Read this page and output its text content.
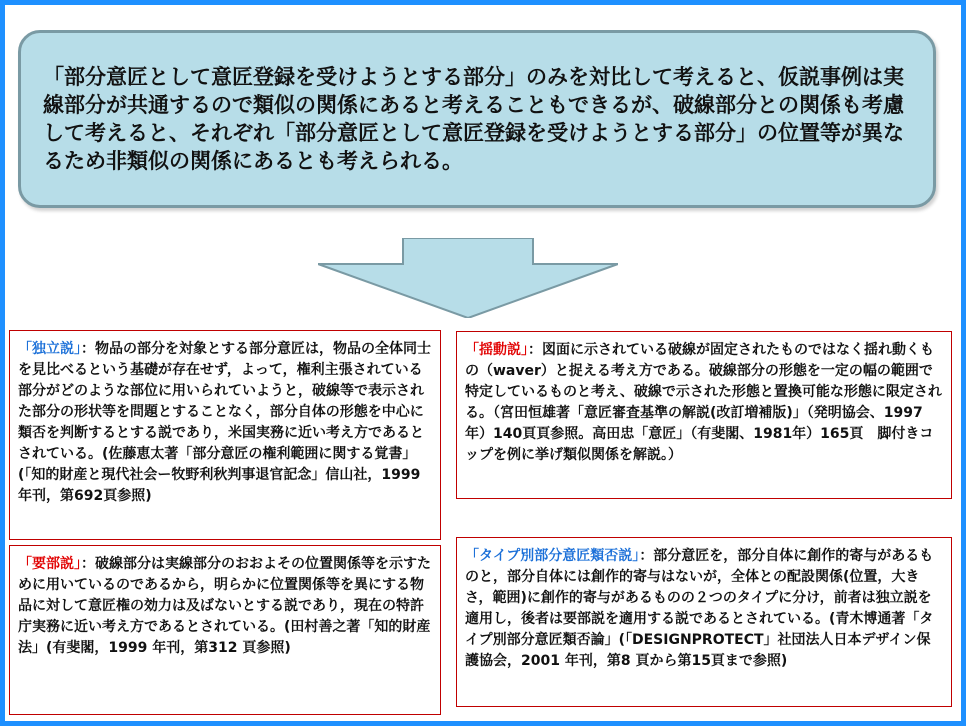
「部分意匠として意匠登録を受けようとする部分」のみを対比して考えると、仮説事例は実線部分が共通するので類似の関係にあると考えることもできるが、破線部分との関係も考慮して考えると、それぞれ「部分意匠として意匠登録を受けようとする部分」の位置等が異なるため非類似の関係にあるとも考えられる。
「独立説」：物品の部分を対象とする部分意匠は，物品の全体同士を見比べるという基礎が存在せず，よって，権利主張されている部分がどのような部位に用いられていようと，破線等で表示された部分の形状等を問題とすることなく，部分自体の形態を中心に類否を判断するとする説であり，米国実務に近い考え方であるとされている。(佐藤恵太著「部分意匠の権利範囲に関する覚書」(「知的財産と現代社会ー牧野利秋判事退官記念」信山社，1999 年刊，第692頁参照)
「揺動説」：図面に示されている破線が固定されたものではなく揺れ動くもの（waver）と捉える考え方である。破線部分の形態を一定の幅の範囲で特定しているものと考え、破線で示された形態と置換可能な形態に限定される。（宮田恒雄著「意匠審査基準の解説(改訂増補版)」（発明協会、1997年）140頁頁参照。高田忠「意匠」（有斐閣、1981年）165頁　脚付きコップを例に挙げ類似関係を解説。）
「要部説」：破線部分は実線部分のおおよその位置関係等を示すために用いているのであるから，明らかに位置関係等を異にする物品に対して意匠権の効力は及ばないとする説であり，現在の特許庁実務に近い考え方であるとされている。(田村善之著「知的財産法」(有斐閣，1999 年刊，第312 頁参照)
「タイプ別部分意匠類否説」：部分意匠を，部分自体に創作的寄与があるものと，部分自体には創作的寄与はないが，全体との配設関係(位置，大きさ，範囲)に創作的寄与があるものの２つのタイプに分け，前者は独立説を適用し，後者は要部説を適用する説であるとされている。(青木博通著「タイプ別部分意匠類否論」(「DESIGNPROTECT」社団法人日本デザイン保護協会，2001 年刊，第8 頁から第15頁まで参照)
